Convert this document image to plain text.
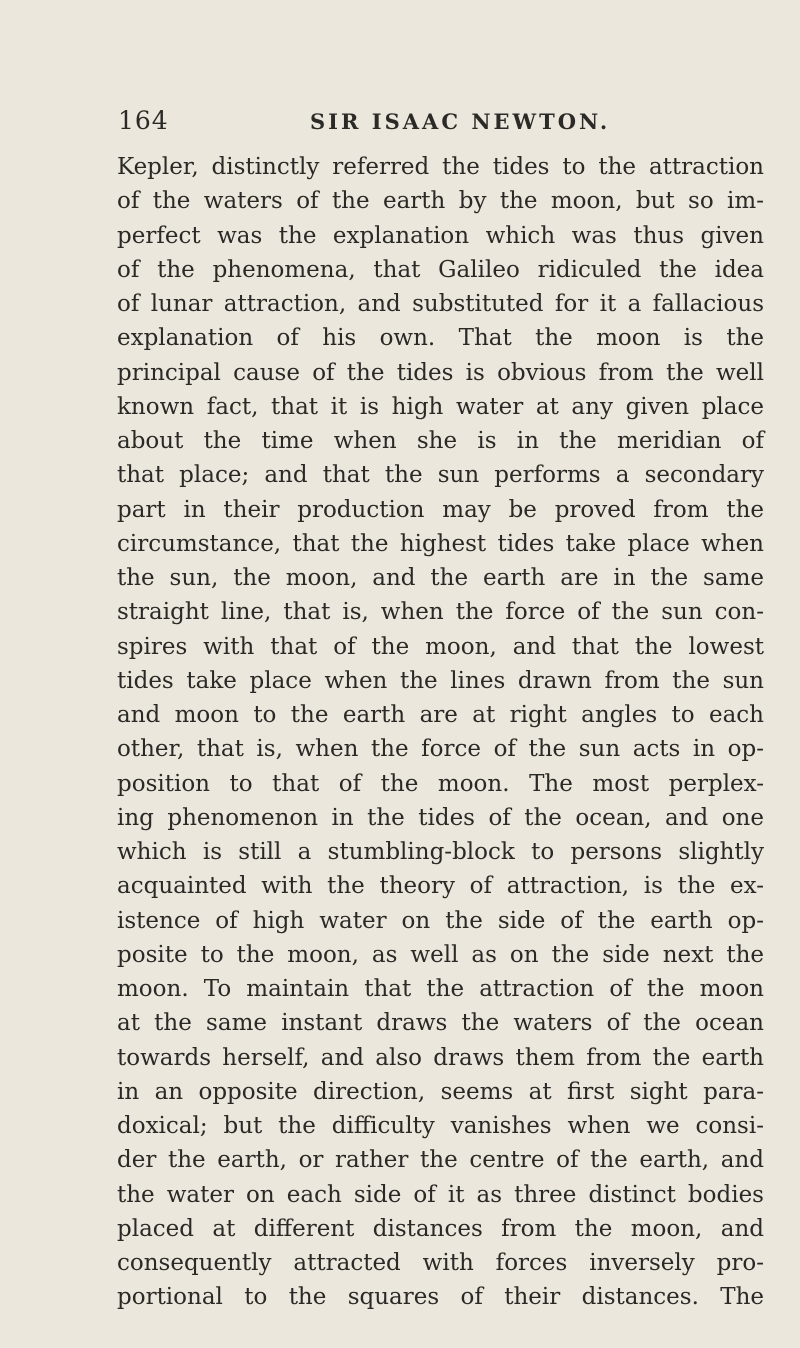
164	SIR ISAAC NEWTON.
Kepler, distinctly referred the tides to the attraction
of the waters of the earth by the moon, but so im-
perfect was the explanation which was thus given
of the phenomena, that Galileo ridiculed the idea
of lunar attraction, and substituted for it a fallacious
explanation of his own. That the moon is the
principal cause of the tides is obvious from the well
known fact, that it is high water at any given place
about the time when she is in the meridian of
that place; and that the sun performs a secondary
part in their production may be proved from the
circumstance, that the highest tides take place when
the sun, the moon, and the earth are in the same
straight line, that is, when the force of the sun con-
spires with that of the moon, and that the lowest
tides take place when the lines drawn from the sun
and moon to the earth are at right angles to each
other, that is, when the force of the sun acts in op-
position to that of the moon. The most perplex-
ing phenomenon in the tides of the ocean, and one
which is still a stumbling-block to persons slightly
acquainted with the theory of attraction, is the ex-
istence of high water on the side of the earth op-
posite to the moon, as well as on the side next the
moon. To maintain that the attraction of the moon
at the same instant draws the waters of the ocean
towards herself, and also draws them from the earth
in an opposite direction, seems at first sight para-
doxical; but the difficulty vanishes when we consi-
der the earth, or rather the centre of the earth, and
the water on each side of it as three distinct bodies
placed at different distances from the moon, and
consequently attracted with forces inversely pro-
portional to the squares of their distances. The
